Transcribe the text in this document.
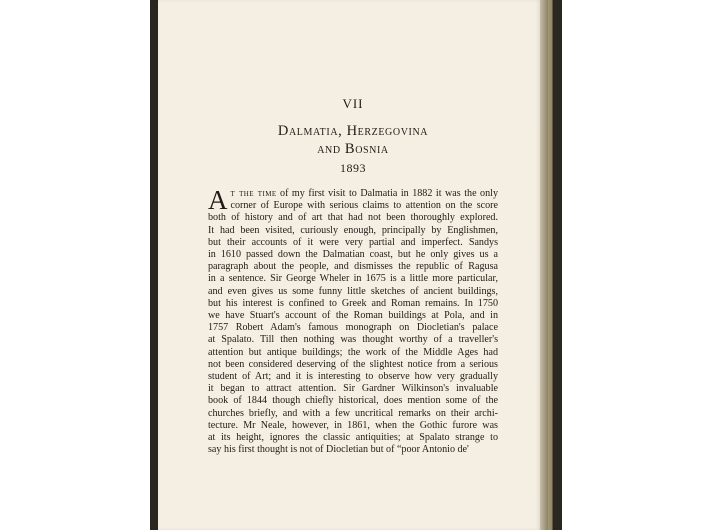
VII
Dalmatia, Herzegovina
and Bosnia
1893
A t the time of my first visit to Dalmatia in 1882 it was the only
corner of Europe with serious claims to attention on the score
both of history and of art that had not been thoroughly explored.
It had been visited, curiously enough, principally by Englishmen,
but their accounts of it were very partial and imperfect. Sandys
in 1610 passed down the Dalmatian coast, but he only gives us a
paragraph about the people, and dismisses the republic of Ragusa
in a sentence. Sir George Wheler in 1675 is a little more particular,
and even gives us some funny little sketches of ancient buildings,
but his interest is confined to Greek and Roman remains. In 1750
we have Stuart's account of the Roman buildings at Pola, and in
1757 Robert Adam's famous monograph on Diocletian's palace
at Spalato. Till then nothing was thought worthy of a traveller's
attention but antique buildings; the work of the Middle Ages had
not been considered deserving of the slightest notice from a serious
student of Art; and it is interesting to observe how very gradually
it began to attract attention. Sir Gardner Wilkinson's invaluable
book of 1844 though chiefly historical, does mention some of the
churches briefly, and with a few uncritical remarks on their archi-
tecture. Mr Neale, however, in 1861, when the Gothic furore was
at its height, ignores the classic antiquities; at Spalato strange to
say his first thought is not of Diocletian but of “poor Antonio de'
